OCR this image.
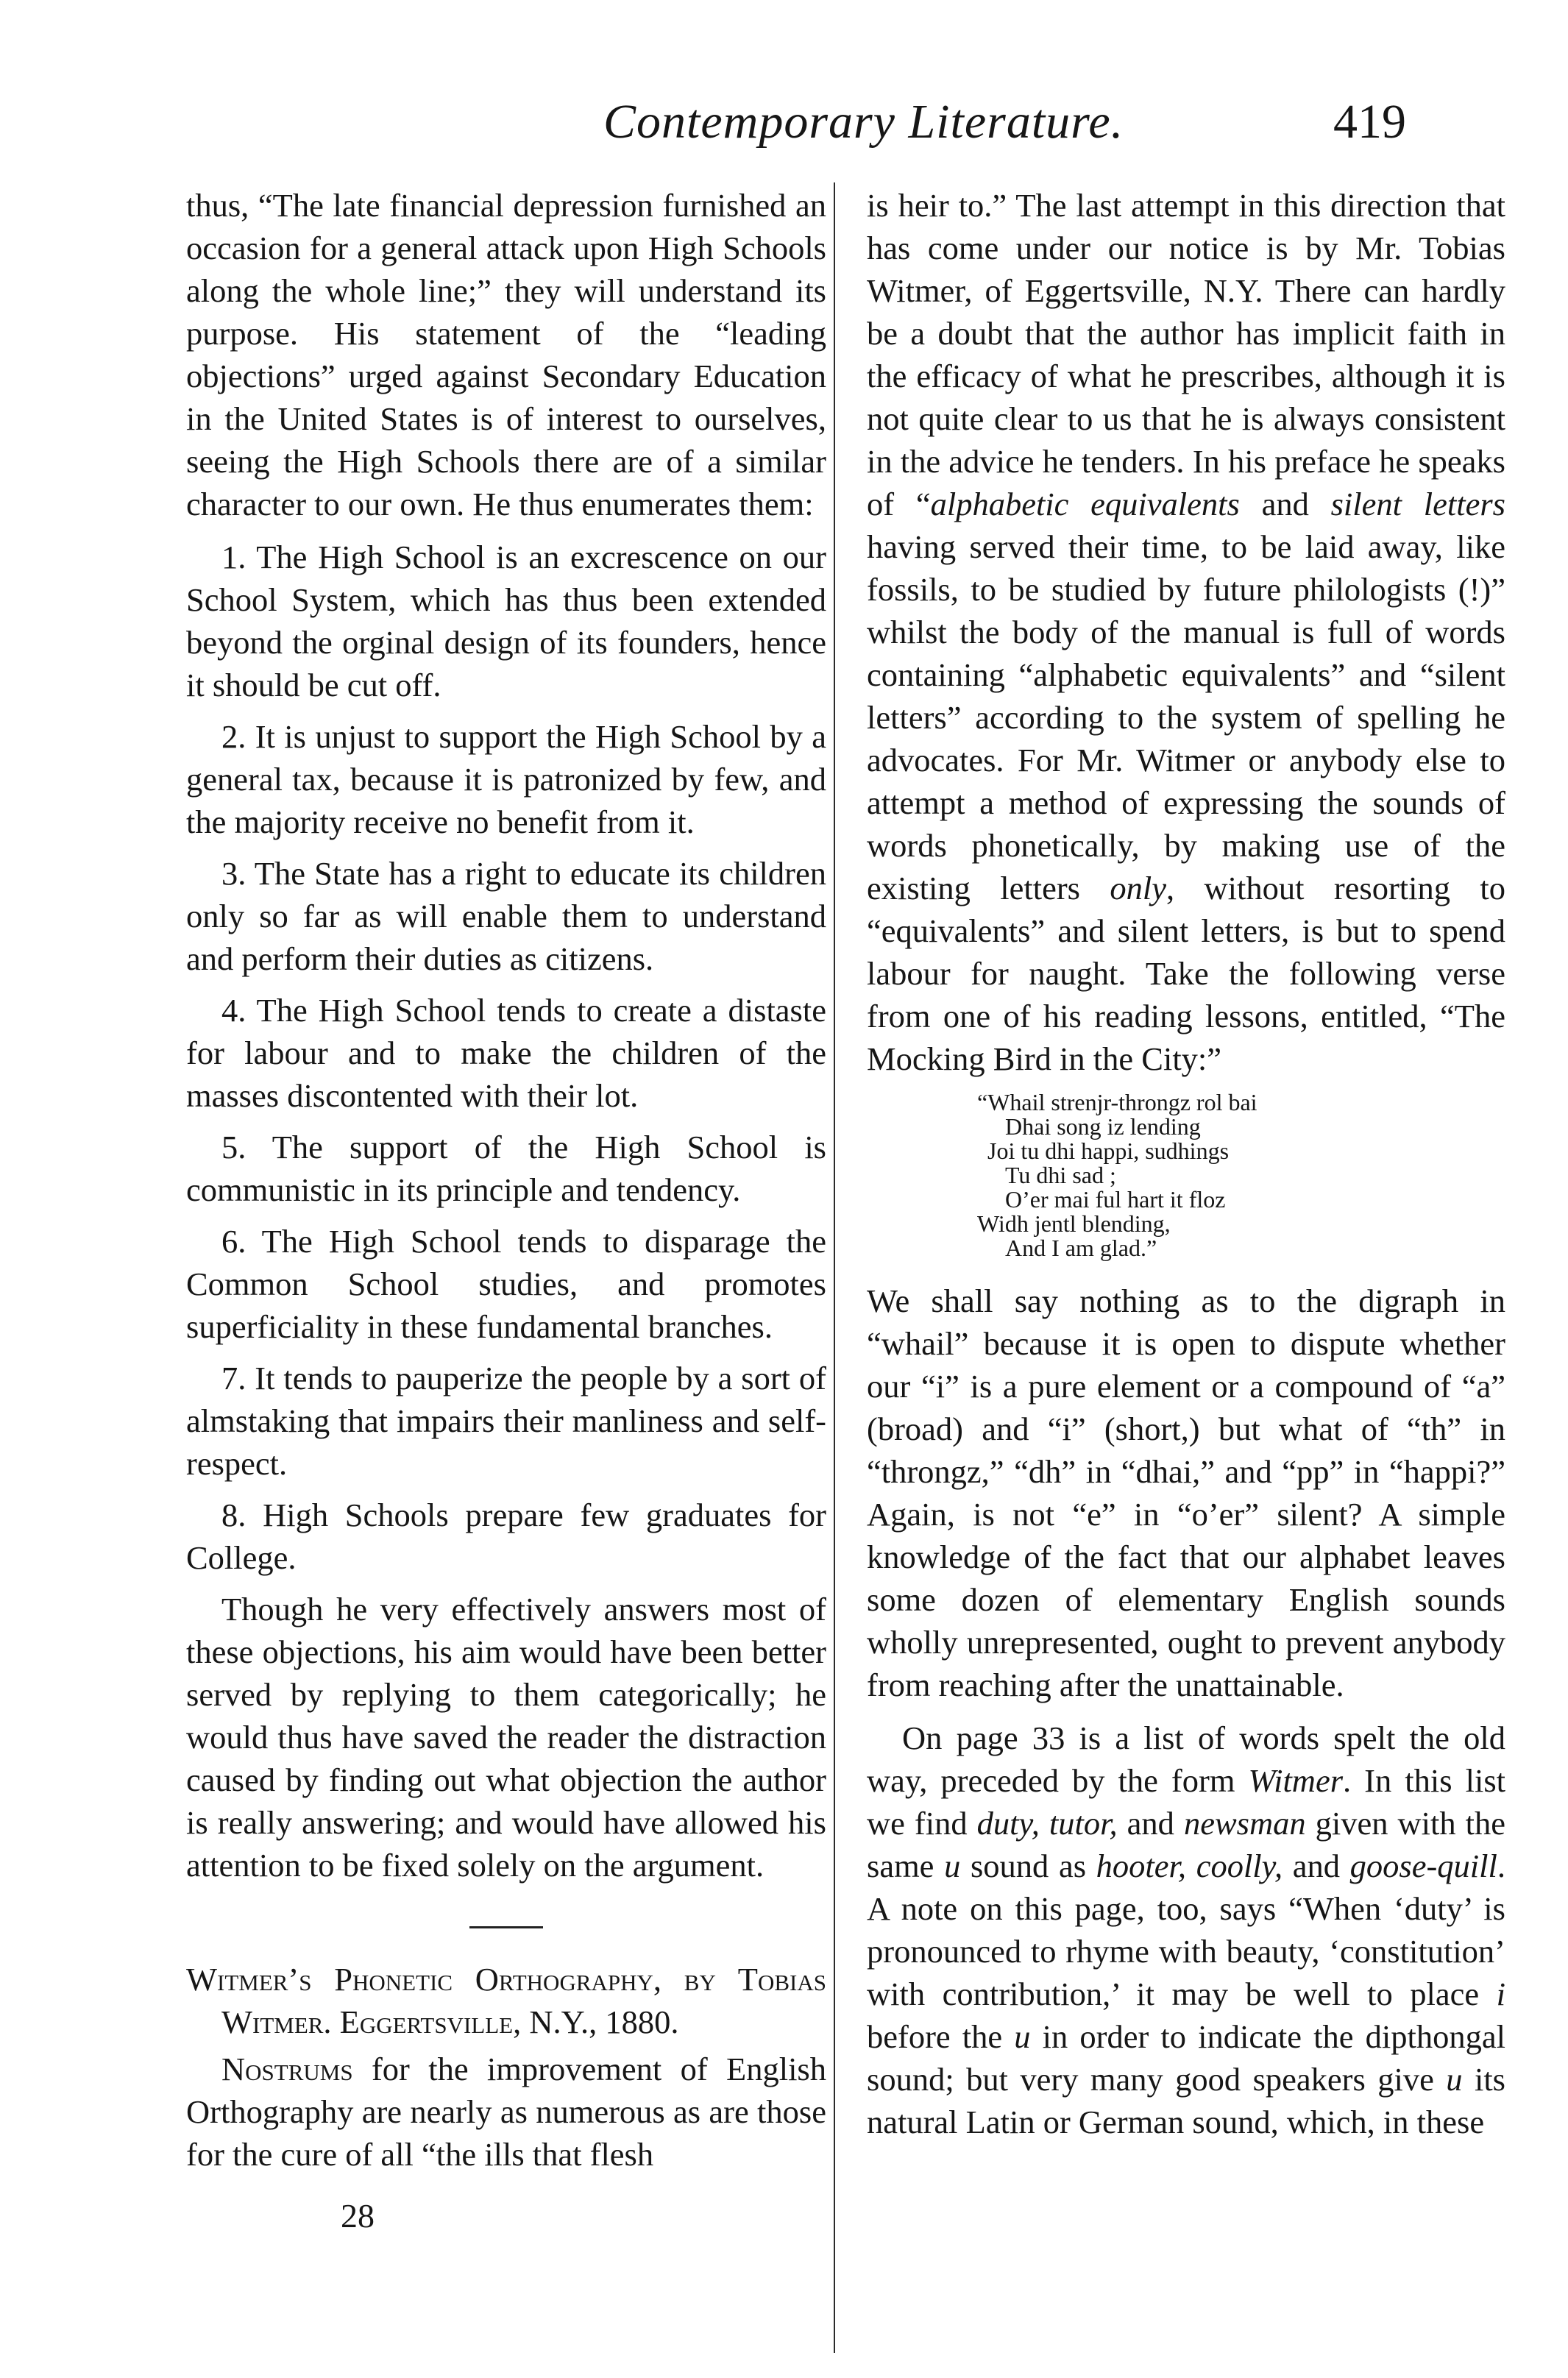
Contemporary Literature.	419

thus, “The late financial depression furnished an occasion for a general attack upon High Schools along the whole line;” they will understand its purpose. His statement of the “leading objections” urged against Secondary Education in the United States is of interest to ourselves, seeing the High Schools there are of a similar character to our own. He thus enumerates them:

1. The High School is an excrescence on our School System, which has thus been extended beyond the orginal design of its founders, hence it should be cut off.

2. It is unjust to support the High School by a general tax, because it is patronized by few, and the majority receive no benefit from it.

3. The State has a right to educate its children only so far as will enable them to understand and perform their duties as citizens.

4. The High School tends to create a distaste for labour and to make the children of the masses discontented with their lot.

5. The support of the High School is communistic in its principle and tendency.

6. The High School tends to disparage the Common School studies, and promotes superficiality in these fundamental branches.

7. It tends to pauperize the people by a sort of almstaking that impairs their manliness and self-respect.

8. High Schools prepare few graduates for College.

Though he very effectively answers most of these objections, his aim would have been better served by replying to them categorically; he would thus have saved the reader the distraction caused by finding out what objection the author is really answering; and would have allowed his attention to be fixed solely on the argument.

Witmer’s Phonetic Orthography, by Tobias Witmer. Eggertsville, N.Y., 1880.

Nostrums for the improvement of English Orthography are nearly as numerous as are those for the cure of all “the ills that flesh

28

is heir to.” The last attempt in this direction that has come under our notice is by Mr. Tobias Witmer, of Eggertsville, N.Y. There can hardly be a doubt that the author has implicit faith in the efficacy of what he prescribes, although it is not quite clear to us that he is always consistent in the advice he tenders. In his preface he speaks of “alphabetic equivalents and silent letters having served their time, to be laid away, like fossils, to be studied by future philologists (!)” whilst the body of the manual is full of words containing “alphabetic equivalents” and “silent letters” according to the system of spelling he advocates. For Mr. Witmer or anybody else to attempt a method of expressing the sounds of words phonetically, by making use of the existing letters only, without resorting to “equivalents” and silent letters, is but to spend labour for naught. Take the following verse from one of his reading lessons, entitled, “The Mocking Bird in the City:”

“Whail strenjr-throngz rol bai
Dhai song iz lending
Joi tu dhi happi, sudhings
Tu dhi sad ;
O’er mai ful hart it floz
Widh jentl blending,
And I am glad.”

We shall say nothing as to the digraph in “whail” because it is open to dispute whether our “i” is a pure element or a compound of “a” (broad) and “i” (short,) but what of “th” in “throngz,” “dh” in “dhai,” and “pp” in “happi?” Again, is not “e” in “o’er” silent? A simple knowledge of the fact that our alphabet leaves some dozen of elementary English sounds wholly unrepresented, ought to prevent anybody from reaching after the unattainable.

On page 33 is a list of words spelt the old way, preceded by the form Witmer. In this list we find duty, tutor, and newsman given with the same u sound as hooter, coolly, and goose-quill. A note on this page, too, says “When ‘duty’ is pronounced to rhyme with beauty, ‘constitution’ with contribution,’ it may be well to place i before the u in order to indicate the dipthongal sound; but very many good speakers give u its natural Latin or German sound, which, in these
